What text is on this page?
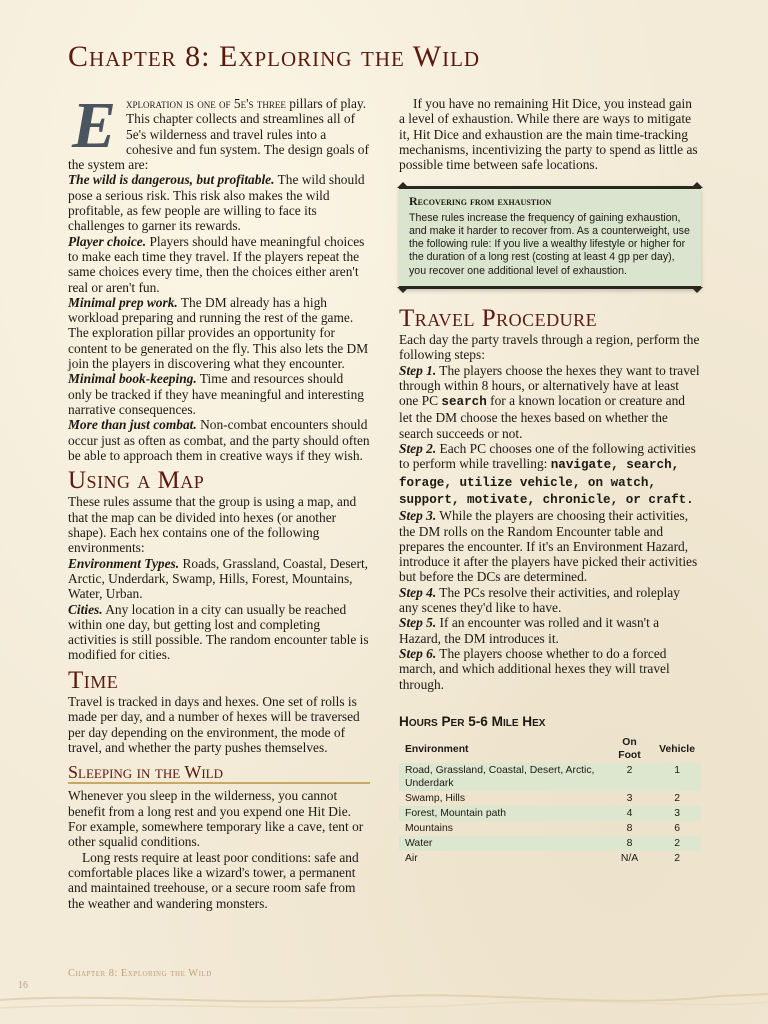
Chapter 8: Exploring the Wild
E xploration is one of 5e's three pillars of play. This chapter collects and streamlines all of 5e's wilderness and travel rules into a cohesive and fun system. The design goals of the system are:

The wild is dangerous, but profitable. The wild should pose a serious risk. This risk also makes the wild profitable, as few people are willing to face its challenges to garner its rewards.

Player choice. Players should have meaningful choices to make each time they travel. If the players repeat the same choices every time, then the choices either aren't real or aren't fun.

Minimal prep work. The DM already has a high workload preparing and running the rest of the game. The exploration pillar provides an opportunity for content to be generated on the fly. This also lets the DM join the players in discovering what they encounter.

Minimal book-keeping. Time and resources should only be tracked if they have meaningful and interesting narrative consequences.

More than just combat. Non-combat encounters should occur just as often as combat, and the party should often be able to approach them in creative ways if they wish.

Using a Map

These rules assume that the group is using a map, and that the map can be divided into hexes (or another shape). Each hex contains one of the following environments:

Environment Types. Roads, Grassland, Coastal, Desert, Arctic, Underdark, Swamp, Hills, Forest, Mountains, Water, Urban.

Cities. Any location in a city can usually be reached within one day, but getting lost and completing activities is still possible. The random encounter table is modified for cities.

Time

Travel is tracked in days and hexes. One set of rolls is made per day, and a number of hexes will be traversed per day depending on the environment, the mode of travel, and whether the party pushes themselves.

Sleeping in the Wild

Whenever you sleep in the wilderness, you cannot benefit from a long rest and you expend one Hit Die. For example, somewhere temporary like a cave, tent or other squalid conditions.

Long rests require at least poor conditions: safe and comfortable places like a wizard's tower, a permanent and maintained treehouse, or a secure room safe from the weather and wandering monsters.

If you have no remaining Hit Dice, you instead gain a level of exhaustion. While there are ways to mitigate it, Hit Dice and exhaustion are the main time-tracking mechanisms, incentivizing the party to spend as little as possible time between safe locations.

Recovering from exhaustion
These rules increase the frequency of gaining exhaustion, and make it harder to recover from. As a counterweight, use the following rule: If you live a wealthy lifestyle or higher for the duration of a long rest (costing at least 4 gp per day), you recover one additional level of exhaustion.
Travel Procedure

Each day the party travels through a region, perform the following steps:

Step 1. The players choose the hexes they want to travel through within 8 hours, or alternatively have at least one PC search for a known location or creature and let the DM choose the hexes based on whether the search succeeds or not.

Step 2. Each PC chooses one of the following activities to perform while travelling: navigate, search, forage, utilize vehicle, on watch, support, motivate, chronicle, or craft.

Step 3. While the players are choosing their activities, the DM rolls on the Random Encounter table and prepares the encounter. If it's an Environment Hazard, introduce it after the players have picked their activities but before the DCs are determined.

Step 4. The PCs resolve their activities, and roleplay any scenes they'd like to have.

Step 5. If an encounter was rolled and it wasn't a Hazard, the DM introduces it.

Step 6. The players choose whether to do a forced march, and which additional hexes they will travel through.

Hours Per 5-6 Mile Hex
Environment	On Foot	Vehicle
Road, Grassland, Coastal, Desert, Arctic, Underdark	2	1
Swamp, Hills	3	2
Forest, Mountain path	4	3
Mountains	8	6
Water	8	2
Air	N/A	2
Chapter 8: Exploring the Wild
16
